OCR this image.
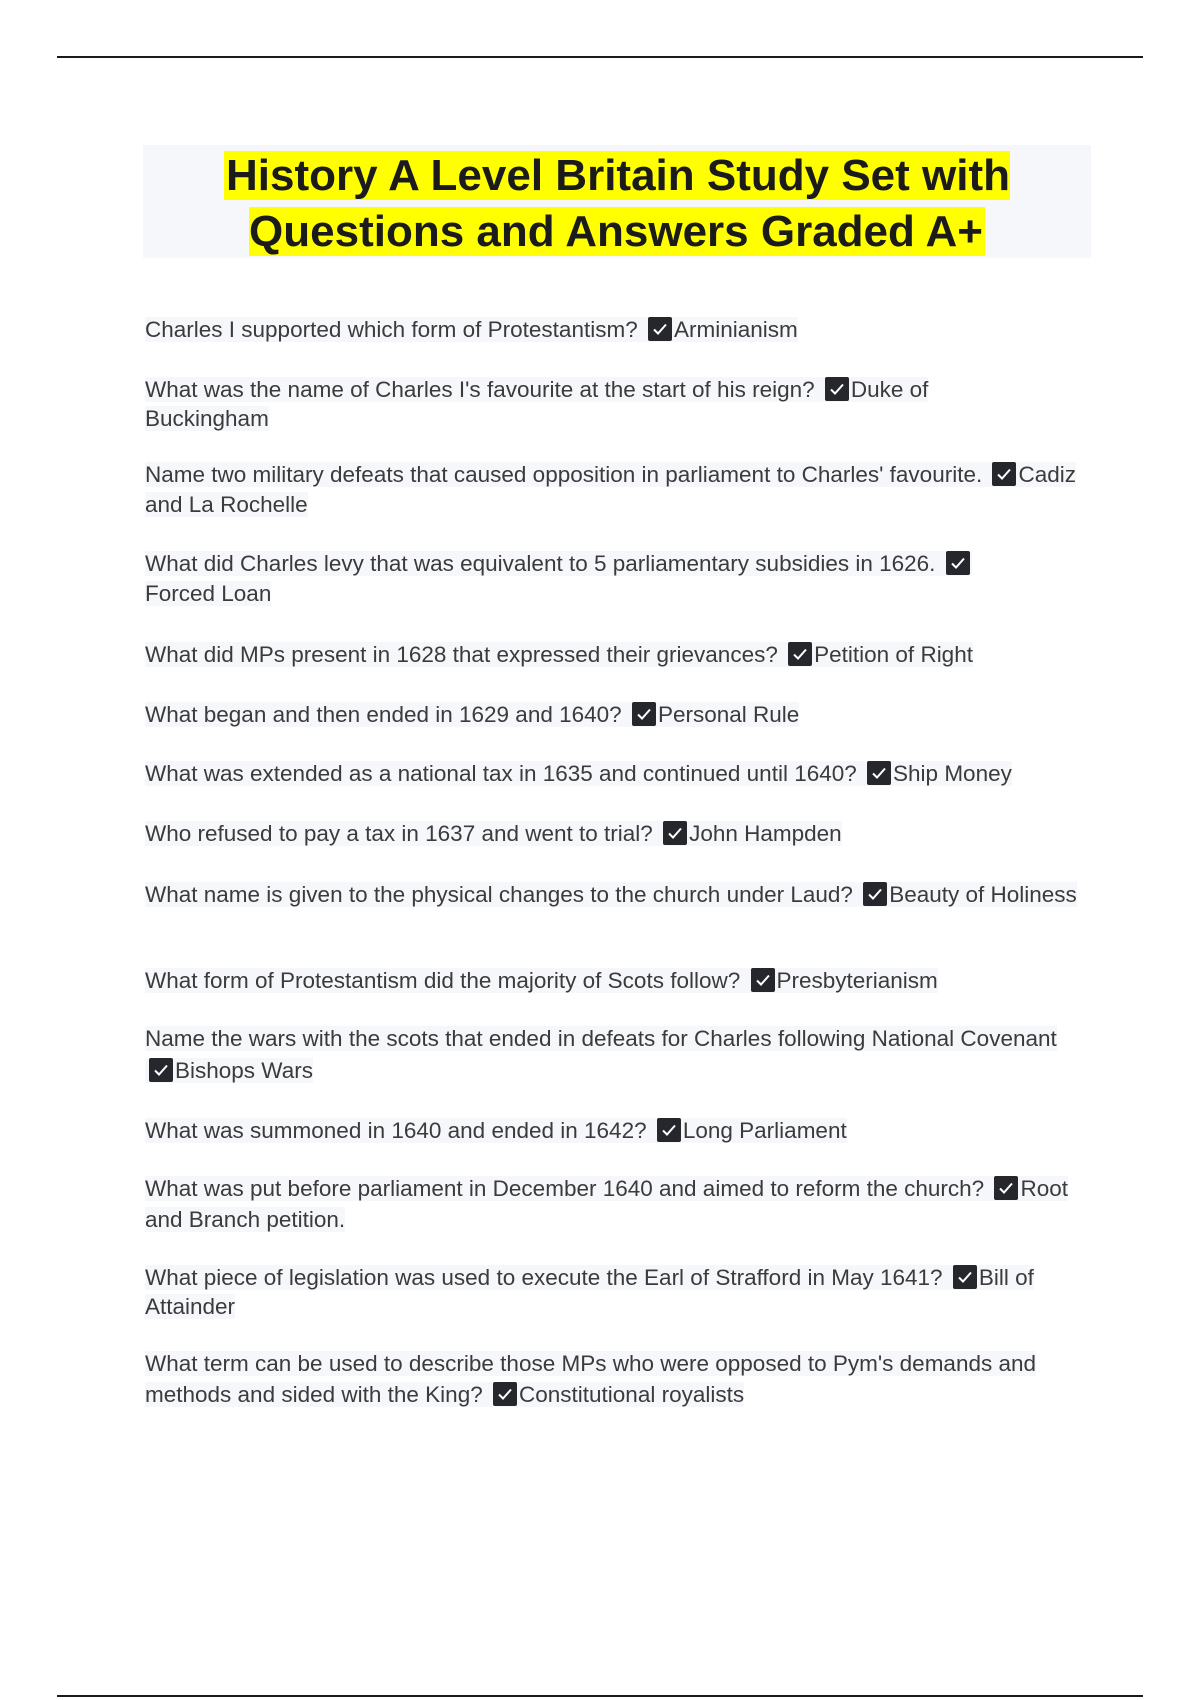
History A Level Britain Study Set with Questions and Answers Graded A+
Charles I supported which form of Protestantism? Arminianism
What was the name of Charles I's favourite at the start of his reign? Duke of Buckingham
Name two military defeats that caused opposition in parliament to Charles' favourite. Cadiz and La Rochelle
What did Charles levy that was equivalent to 5 parliamentary subsidies in 1626.
Forced Loan
What did MPs present in 1628 that expressed their grievances? Petition of Right
What began and then ended in 1629 and 1640? Personal Rule
What was extended as a national tax in 1635 and continued until 1640? Ship Money
Who refused to pay a tax in 1637 and went to trial? John Hampden
What name is given to the physical changes to the church under Laud? Beauty of Holiness
What form of Protestantism did the majority of Scots follow? Presbyterianism
Name the wars with the scots that ended in defeats for Charles following National Covenant
Bishops Wars
What was summoned in 1640 and ended in 1642? Long Parliament
What was put before parliament in December 1640 and aimed to reform the church? Root and Branch petition.
What piece of legislation was used to execute the Earl of Strafford in May 1641? Bill of Attainder
What term can be used to describe those MPs who were opposed to Pym's demands and methods and sided with the King? Constitutional royalists
